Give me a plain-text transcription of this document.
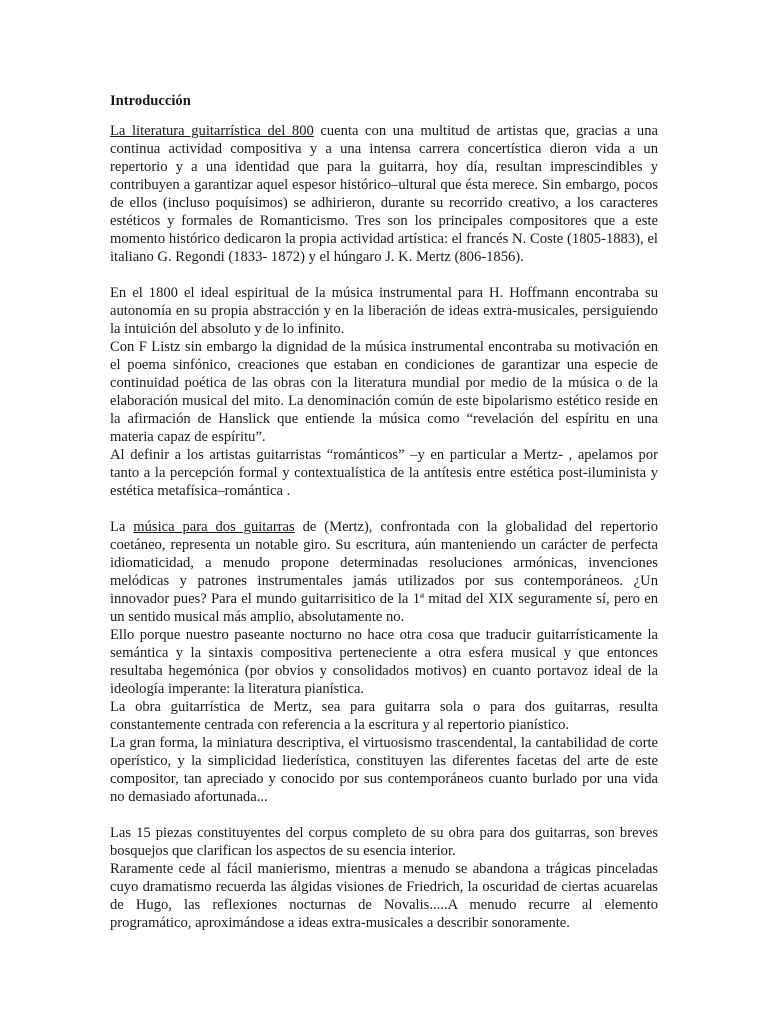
Introducción

La literatura guitarrística del 800 cuenta con una multitud de artistas que, gracias a una continua actividad compositiva y a una intensa carrera concertística dieron vida a un repertorio y a una identidad que para la guitarra, hoy día, resultan imprescindibles y contribuyen a garantizar aquel espesor histórico–ultural que ésta merece. Sin embargo, pocos de ellos (incluso poquísimos) se adhirieron, durante su recorrido creativo, a los caracteres estéticos y formales de Romanticismo. Tres son los principales compositores que a este momento histórico dedicaron la propia actividad artística: el francés N. Coste (1805-1883), el italiano G. Regondi (1833- 1872) y el húngaro J. K. Mertz (806-1856).

En el 1800 el ideal espiritual de la música instrumental para H. Hoffmann encontraba su autonomía en su propia abstracción y en la liberación de ideas extra-musicales, persiguiendo la intuición del absoluto y de lo infinito.

Con F Listz sin embargo la dignidad de la música instrumental encontraba su motivación en el poema sinfónico, creaciones que estaban en condiciones de garantizar una especie de continuidad poética de las obras con la literatura mundial por medio de la música o de la elaboración musical del mito. La denominación común de este bipolarismo estético reside en la afirmación de Hanslick que entiende la música como “revelación del espíritu en una materia capaz de espíritu”.

Al definir a los artistas guitarristas “románticos” –y en particular a Mertz- , apelamos por tanto a la percepción formal y contextualística de la antítesis entre estética post-iluminista y estética metafísica–romántica .

La música para dos guitarras de (Mertz), confrontada con la globalidad del repertorio coetáneo, representa un notable giro. Su escritura, aún manteniendo un carácter de perfecta idiomaticidad, a menudo propone determinadas resoluciones armónicas, invenciones melódicas y patrones instrumentales jamás utilizados por sus contemporáneos. ¿Un innovador pues? Para el mundo guitarrisitico de la 1ª mitad del XIX seguramente sí, pero en un sentido musical más amplio, absolutamente no.

Ello porque nuestro paseante nocturno no hace otra cosa que traducir guitarrísticamente la semántica y la sintaxis compositiva perteneciente a otra esfera musical y que entonces resultaba hegemónica (por obvios y consolidados motivos) en cuanto portavoz ideal de la ideología imperante: la literatura pianística.

La obra guitarrística de Mertz, sea para guitarra sola o para dos guitarras, resulta constantemente centrada con referencia a la escritura y al repertorio pianístico.

La gran forma, la miniatura descriptiva, el virtuosismo trascendental, la cantabilidad de corte operístico, y la simplicidad liederística, constituyen las diferentes facetas del arte de este compositor, tan apreciado y conocido por sus contemporáneos cuanto burlado por una vida no demasiado afortunada...

Las 15 piezas constituyentes del corpus completo de su obra para dos guitarras, son breves bosquejos que clarifican los aspectos de su esencia interior.

Raramente cede al fácil manierismo, mientras a menudo se abandona a trágicas pinceladas cuyo dramatismo recuerda las álgidas visiones de Friedrich, la oscuridad de ciertas acuarelas de Hugo, las reflexiones nocturnas de Novalis.....A menudo recurre al elemento programático, aproximándose a ideas extra-musicales a describir sonoramente.
